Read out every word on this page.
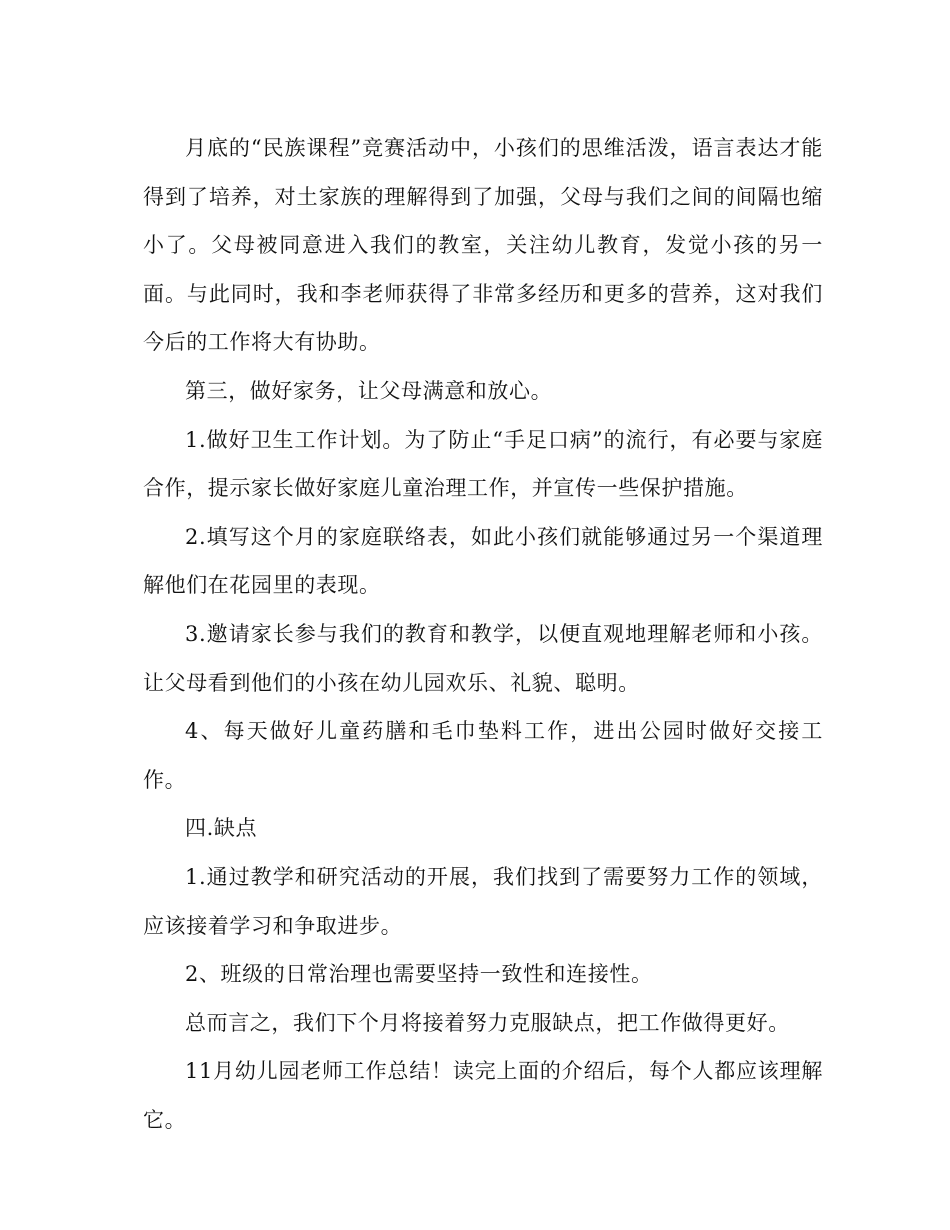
月底的“民族课程”竞赛活动中，小孩们的思维活泼，语言表达才能得到了培养，对土家族的理解得到了加强，父母与我们之间的间隔也缩小了。父母被同意进入我们的教室，关注幼儿教育，发觉小孩的另一面。与此同时，我和李老师获得了非常多经历和更多的营养，这对我们今后的工作将大有协助。

第三，做好家务，让父母满意和放心。

1.做好卫生工作计划。为了防止“手足口病”的流行，有必要与家庭合作，提示家长做好家庭儿童治理工作，并宣传一些保护措施。

2.填写这个月的家庭联络表，如此小孩们就能够通过另一个渠道理解他们在花园里的表现。

3.邀请家长参与我们的教育和教学，以便直观地理解老师和小孩。让父母看到他们的小孩在幼儿园欢乐、礼貌、聪明。

4、每天做好儿童药膳和毛巾垫料工作，进出公园时做好交接工作。

四.缺点

1.通过教学和研究活动的开展，我们找到了需要努力工作的领域，应该接着学习和争取进步。

2、班级的日常治理也需要坚持一致性和连接性。

总而言之，我们下个月将接着努力克服缺点，把工作做得更好。

11月幼儿园老师工作总结！读完上面的介绍后，每个人都应该理解它。
